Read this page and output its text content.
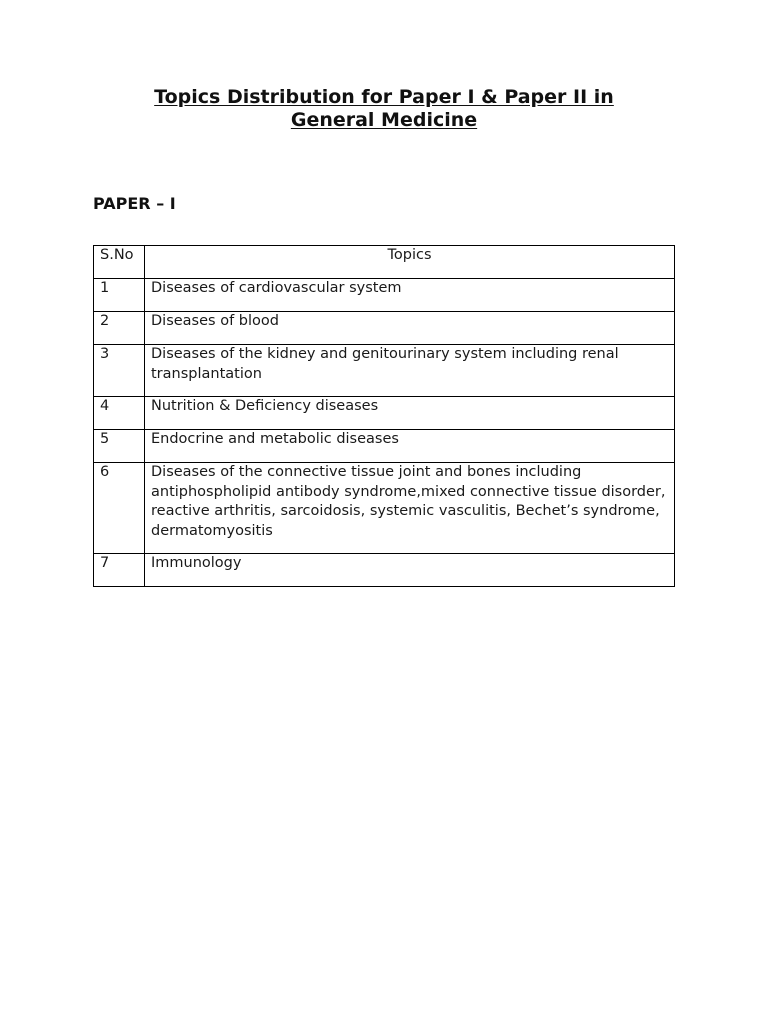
Topics Distribution for Paper I & Paper II in
General Medicine
PAPER – I
S.No	Topics
1	Diseases of cardiovascular system
2	Diseases of blood
3	Diseases of the kidney and genitourinary system including renal transplantation
4	Nutrition & Deficiency diseases
5	Endocrine and metabolic diseases
6	Diseases of the connective tissue joint and bones including antiphospholipid antibody syndrome,mixed connective tissue disorder, reactive arthritis, sarcoidosis, systemic vasculitis, Bechet’s syndrome, dermatomyositis
7	Immunology
